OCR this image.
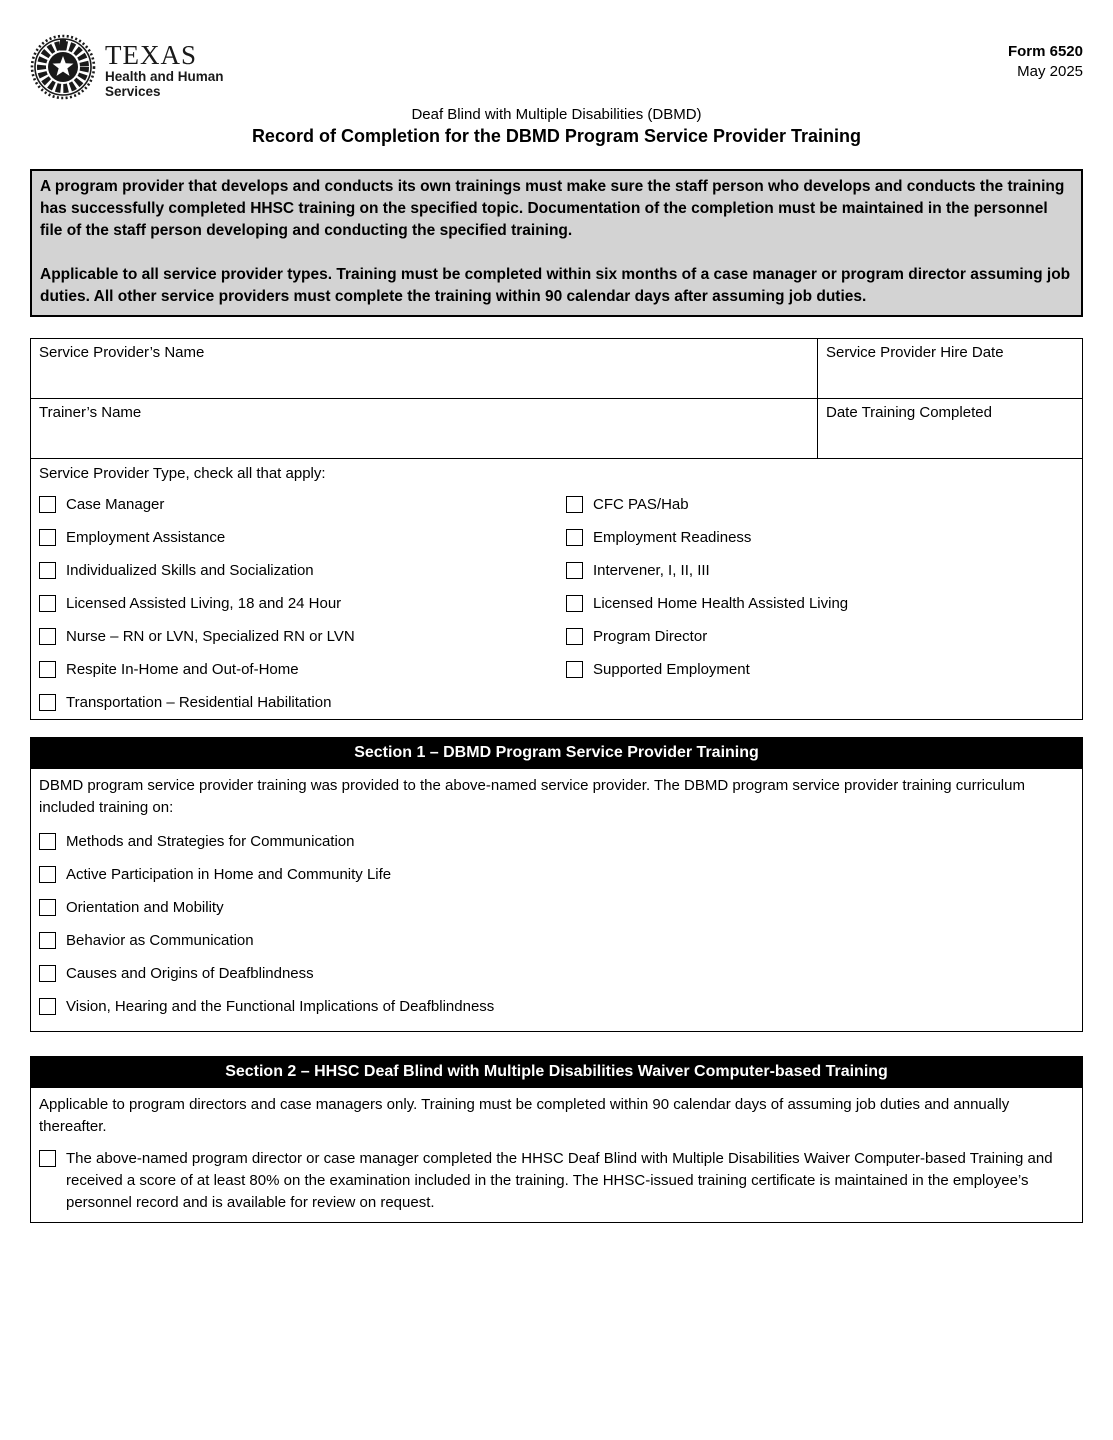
TEXAS
Health and Human
Services
Form 6520
May 2025
Deaf Blind with Multiple Disabilities (DBMD)
Record of Completion for the DBMD Program Service Provider Training

A program provider that develops and conducts its own trainings must make sure the staff person who develops and conducts the training has successfully completed HHSC training on the specified topic. Documentation of the completion must be maintained in the personnel file of the staff person developing and conducting the specified training.

Applicable to all service provider types. Training must be completed within six months of a case manager or program director assuming job duties. All other service providers must complete the training within 90 calendar days after assuming job duties.

Service Provider’s Name	Service Provider Hire Date
Trainer’s Name	Date Training Completed
Service Provider Type, check all that apply:
Case Manager
Employment Assistance
Individualized Skills and Socialization
Licensed Assisted Living, 18 and 24 Hour
Nurse – RN or LVN, Specialized RN or LVN
Respite In-Home and Out-of-Home
Transportation – Residential Habilitation
CFC PAS/Hab
Employment Readiness
Intervener, I, II, III
Licensed Home Health Assisted Living
Program Director
Supported Employment
Section 1 – DBMD Program Service Provider Training

DBMD program service provider training was provided to the above-named service provider. The DBMD program service provider training curriculum included training on:

Methods and Strategies for Communication
Active Participation in Home and Community Life
Orientation and Mobility
Behavior as Communication
Causes and Origins of Deafblindness
Vision, Hearing and the Functional Implications of Deafblindness
Section 2 – HHSC Deaf Blind with Multiple Disabilities Waiver Computer-based Training

Applicable to program directors and case managers only. Training must be completed within 90 calendar days of assuming job duties and annually thereafter.

The above-named program director or case manager completed the HHSC Deaf Blind with Multiple Disabilities Waiver Computer-based Training and received a score of at least 80% on the examination included in the training. The HHSC-issued training certificate is maintained in the employee’s personnel record and is available for review on request.
